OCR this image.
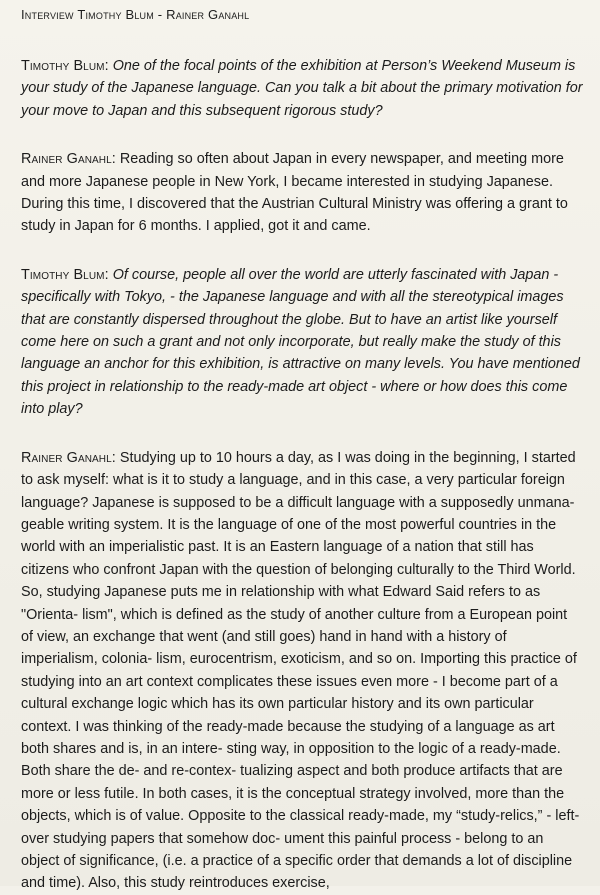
Interview Timothy Blum - Rainer Ganahl

Timothy Blum: One of the focal points of the exhibition at Person’s Weekend Museum is your study of the Japanese language. Can you talk a bit about the primary motivation for your move to Japan and this subsequent rigorous study?

Rainer Ganahl: Reading so often about Japan in every newspaper, and meeting more and more Japanese people in New York, I became interested in studying Japanese. During this time, I discovered that the Austrian Cultural Ministry was offering a grant to study in Japan for 6 months. I applied, got it and came.

Timothy Blum: Of course, people all over the world are utterly fascinated with Japan - specifically with Tokyo, - the Japanese language and with all the stereotypical images that are constantly dispersed throughout the globe. But to have an artist like yourself come here on such a grant and not only incorporate, but really make the study of this language an anchor for this exhibition, is attractive on many levels. You have mentioned this project in relationship to the ready-made art object - where or how does this come into play?

Rainer Ganahl: Studying up to 10 hours a day, as I was doing in the beginning, I started to ask myself: what is it to study a language, and in this case, a very particular foreign language? Japanese is supposed to be a difficult language with a supposedly unmana- geable writing system. It is the language of one of the most powerful countries in the world with an imperialistic past. It is an Eastern language of a nation that still has citizens who confront Japan with the question of belonging culturally to the Third World. So, studying Japanese puts me in relationship with what Edward Said refers to as "Orienta- lism", which is defined as the study of another culture from a European point of view, an exchange that went (and still goes) hand in hand with a history of imperialism, colonia- lism, eurocentrism, exoticism, and so on. Importing this practice of studying into an art context complicates these issues even more - I become part of a cultural exchange logic which has its own particular history and its own particular context. I was thinking of the ready-made because the studying of a language as art both shares and is, in an intere- sting way, in opposition to the logic of a ready-made. Both share the de- and re-contex- tualizing aspect and both produce artifacts that are more or less futile. In both cases, it is the conceptual strategy involved, more than the objects, which is of value. Opposite to the classical ready-made, my “study-relics,” - left-over studying papers that somehow doc- ument this painful process - belong to an object of significance, (i.e. a practice of a specific order that demands a lot of discipline and time). Also, this study reintroduces exercise,
